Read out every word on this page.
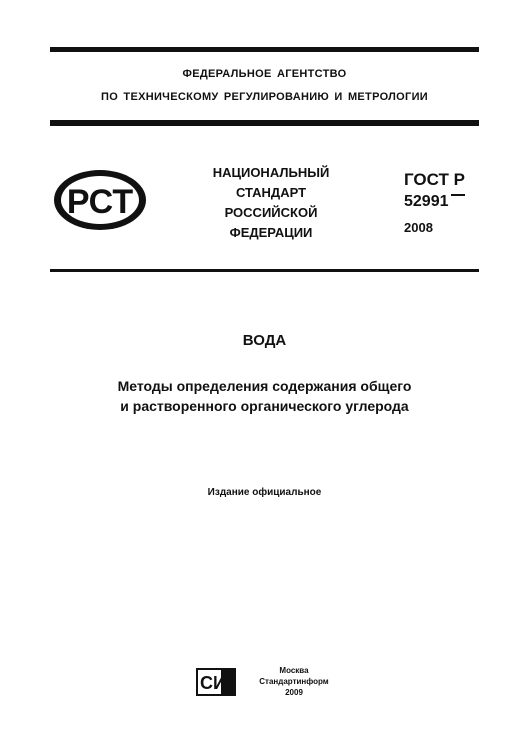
ФЕДЕРАЛЬНОЕ АГЕНТСТВО
ПО ТЕХНИЧЕСКОМУ РЕГУЛИРОВАНИЮ И МЕТРОЛОГИИ
РСТ
НАЦИОНАЛЬНЫЙ
СТАНДАРТ
РОССИЙСКОЙ
ФЕДЕРАЦИИ
ГОСТ Р
52991
2008
ВОДА
Методы определения содержания общего
и растворенного органического углерода
Издание официальное
СИ
Москва
Стандартинформ
2009
